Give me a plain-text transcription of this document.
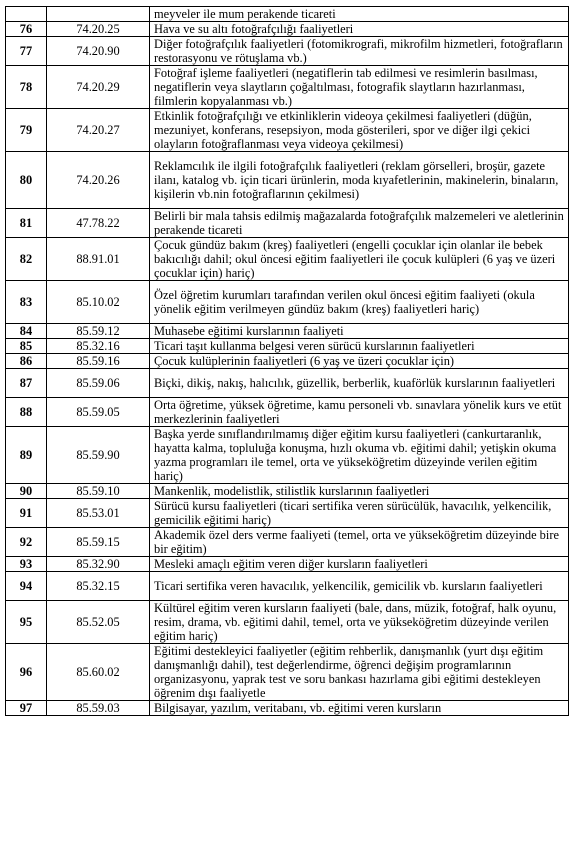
		meyveler ile mum perakende ticareti
76	74.20.25	Hava ve su altı fotoğrafçılığı faaliyetleri
77	74.20.90	Diğer fotoğrafçılık faaliyetleri (fotomikrografi, mikrofilm hizmetleri, fotoğrafların restorasyonu ve rötuşlama vb.)
78	74.20.29	Fotoğraf işleme faaliyetleri (negatiflerin tab edilmesi ve resimlerin basılması, negatiflerin veya slaytların çoğaltılması, fotografik slaytların hazırlanması, filmlerin kopyalanması vb.)
79	74.20.27	Etkinlik fotoğrafçılığı ve etkinliklerin videoya çekilmesi faaliyetleri (düğün, mezuniyet, konferans, resepsiyon, moda gösterileri, spor ve diğer ilgi çekici olayların fotoğraflanması veya videoya çekilmesi)
80	74.20.26	Reklamcılık ile ilgili fotoğrafçılık faaliyetleri (reklam görselleri, broşür, gazete ilanı, katalog vb. için ticari ürünlerin, moda kıyafetlerinin, makinelerin, binaların, kişilerin vb.nin fotoğraflarının çekilmesi)
81	47.78.22	Belirli bir mala tahsis edilmiş mağazalarda fotoğrafçılık malzemeleri ve aletlerinin perakende ticareti
82	88.91.01	Çocuk gündüz bakım (kreş) faaliyetleri (engelli çocuklar için olanlar ile bebek bakıcılığı dahil; okul öncesi eğitim faaliyetleri ile çocuk kulüpleri (6 yaş ve üzeri çocuklar için) hariç)
83	85.10.02	Özel öğretim kurumları tarafından verilen okul öncesi eğitim faaliyeti (okula yönelik eğitim verilmeyen gündüz bakım (kreş) faaliyetleri hariç)
84	85.59.12	Muhasebe eğitimi kurslarının faaliyeti
85	85.32.16	Ticari taşıt kullanma belgesi veren sürücü kurslarının faaliyetleri
86	85.59.16	Çocuk kulüplerinin faaliyetleri (6 yaş ve üzeri çocuklar için)
87	85.59.06	Biçki, dikiş, nakış, halıcılık, güzellik, berberlik, kuaförlük kurslarının faaliyetleri
88	85.59.05	Orta öğretime, yüksek öğretime, kamu personeli vb. sınavlara yönelik kurs ve etüt merkezlerinin faaliyetleri
89	85.59.90	Başka yerde sınıflandırılmamış diğer eğitim kursu faaliyetleri (cankurtaranlık, hayatta kalma, topluluğa konuşma, hızlı okuma vb. eğitimi dahil; yetişkin okuma yazma programları ile temel, orta ve yükseköğretim düzeyinde verilen eğitim hariç)
90	85.59.10	Mankenlik, modelistlik, stilistlik kurslarının faaliyetleri
91	85.53.01	Sürücü kursu faaliyetleri (ticari sertifika veren sürücülük, havacılık, yelkencilik, gemicilik eğitimi hariç)
92	85.59.15	Akademik özel ders verme faaliyeti (temel, orta ve yükseköğretim düzeyinde bire bir eğitim)
93	85.32.90	Mesleki amaçlı eğitim veren diğer kursların faaliyetleri
94	85.32.15	Ticari sertifika veren havacılık, yelkencilik, gemicilik vb. kursların faaliyetleri
95	85.52.05	Kültürel eğitim veren kursların faaliyeti (bale, dans, müzik, fotoğraf, halk oyunu, resim, drama, vb. eğitimi dahil, temel, orta ve yükseköğretim düzeyinde verilen eğitim hariç)
96	85.60.02	Eğitimi destekleyici faaliyetler (eğitim rehberlik, danışmanlık (yurt dışı eğitim danışmanlığı dahil), test değerlendirme, öğrenci değişim programlarının organizasyonu, yaprak test ve soru bankası hazırlama gibi eğitimi destekleyen öğrenim dışı faaliyetle
97	85.59.03	Bilgisayar, yazılım, veritabanı, vb. eğitimi veren kursların
